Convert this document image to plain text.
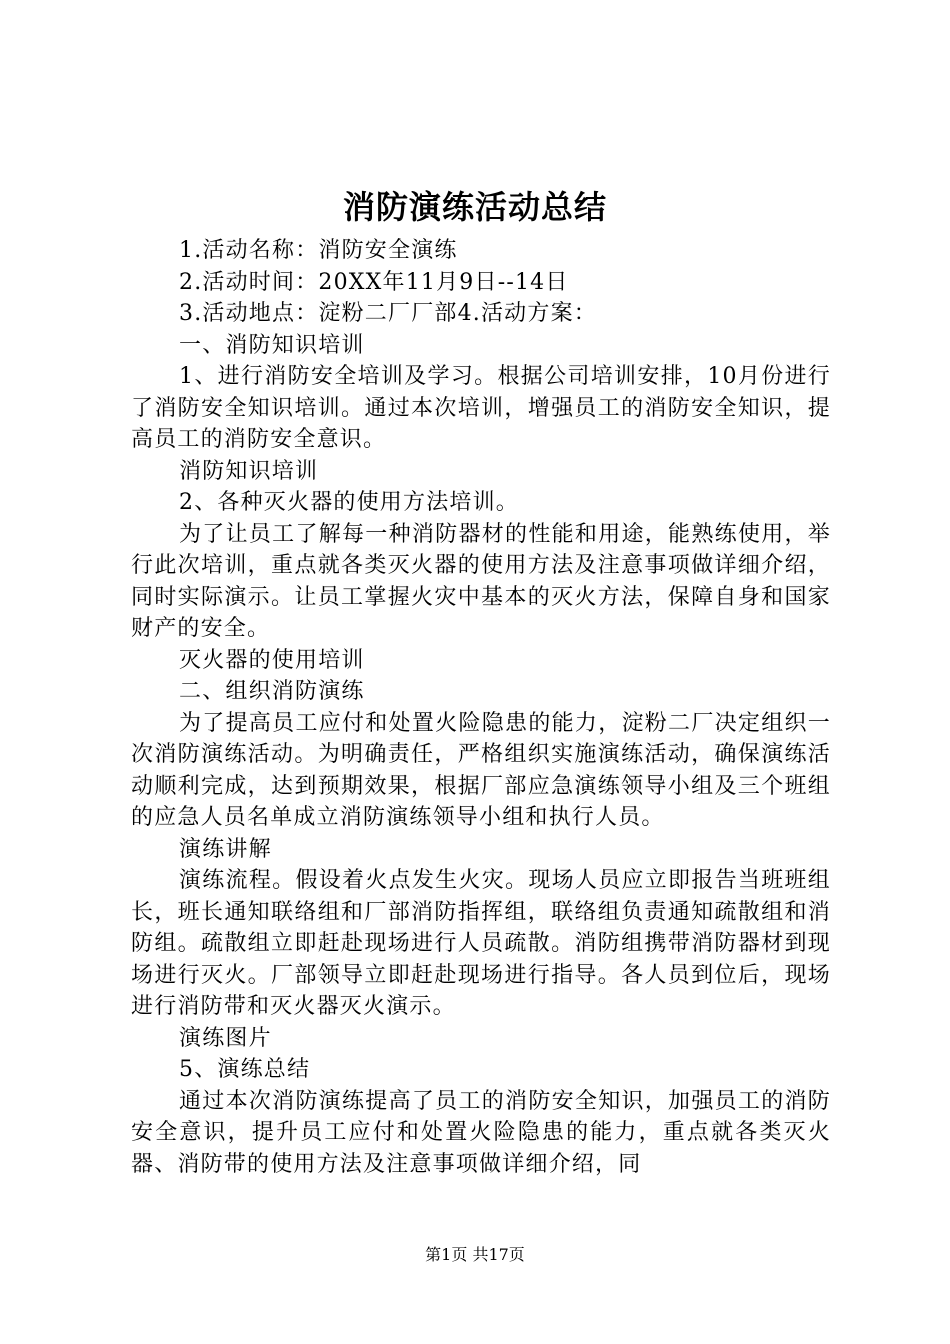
消防演练活动总结

1.活动名称：消防安全演练

2.活动时间：20XX年11月9日--14日

3.活动地点：淀粉二厂厂部4.活动方案：

一、消防知识培训

1、进行消防安全培训及学习。根据公司培训安排，10月份进行了消防安全知识培训。通过本次培训，增强员工的消防安全知识，提高员工的消防安全意识。

消防知识培训

2、各种灭火器的使用方法培训。

为了让员工了解每一种消防器材的性能和用途，能熟练使用，举行此次培训，重点就各类灭火器的使用方法及注意事项做详细介绍，同时实际演示。让员工掌握火灾中基本的灭火方法，保障自身和国家财产的安全。

灭火器的使用培训

二、组织消防演练

为了提高员工应付和处置火险隐患的能力，淀粉二厂决定组织一次消防演练活动。为明确责任，严格组织实施演练活动，确保演练活动顺利完成，达到预期效果，根据厂部应急演练领导小组及三个班组的应急人员名单成立消防演练领导小组和执行人员。

演练讲解

演练流程。假设着火点发生火灾。现场人员应立即报告当班班组长，班长通知联络组和厂部消防指挥组，联络组负责通知疏散组和消防组。疏散组立即赶赴现场进行人员疏散。消防组携带消防器材到现场进行灭火。厂部领导立即赶赴现场进行指导。各人员到位后，现场进行消防带和灭火器灭火演示。

演练图片

5、演练总结

通过本次消防演练提高了员工的消防安全知识，加强员工的消防安全意识，提升员工应付和处置火险隐患的能力，重点就各类灭火器、消防带的使用方法及注意事项做详细介绍，同

第1页 共17页
